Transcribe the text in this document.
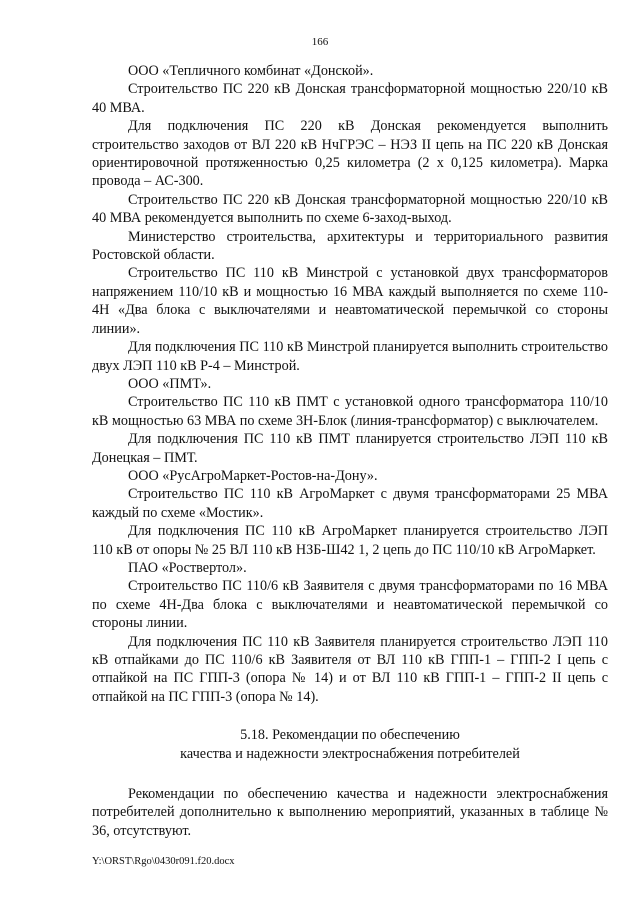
166

ООО «Тепличного комбинат «Донской».

Строительство ПС 220 кВ Донская трансформаторной мощностью 220/10 кВ 40 МВА.

Для подключения ПС 220 кВ Донская рекомендуется выполнить строительство заходов от ВЛ 220 кВ НчГРЭС – НЭЗ II цепь на ПС 220 кВ Донская ориентировочной протяженностью 0,25 километра (2 х 0,125 километра). Марка провода – АС-300.

Строительство ПС 220 кВ Донская трансформаторной мощностью 220/10 кВ 40 МВА рекомендуется выполнить по схеме 6-заход-выход.

Министерство строительства, архитектуры и территориального развития Ростовской области.

Строительство ПС 110 кВ Минстрой с установкой двух трансформаторов напряжением 110/10 кВ и мощностью 16 МВА каждый выполняется по схеме 110-4Н «Два блока с выключателями и неавтоматической перемычкой со стороны линии».

Для подключения ПС 110 кВ Минстрой планируется выполнить строительство двух ЛЭП 110 кВ Р-4 – Минстрой.

ООО «ПМТ».

Строительство ПС 110 кВ ПМТ с установкой одного трансформатора 110/10 кВ мощностью 63 МВА по схеме 3Н-Блок (линия-трансформатор) с выключателем.

Для подключения ПС 110 кВ ПМТ планируется строительство ЛЭП 110 кВ Донецкая – ПМТ.

ООО «РусАгроМаркет-Ростов-на-Дону».

Строительство ПС 110 кВ АгроМаркет с двумя трансформаторами 25 МВА каждый по схеме «Мостик».

Для подключения ПС 110 кВ АгроМаркет планируется строительство ЛЭП 110 кВ от опоры № 25 ВЛ 110 кВ НЗБ-Ш42 1, 2 цепь до ПС 110/10 кВ АгроМаркет.

ПАО «Роствертол».

Строительство ПС 110/6 кВ Заявителя с двумя трансформаторами по 16 МВА по схеме 4Н-Два блока с выключателями и неавтоматической перемычкой со стороны линии.

Для подключения ПС 110 кВ Заявителя планируется строительство ЛЭП 110 кВ отпайками до ПС 110/6 кВ Заявителя от ВЛ 110 кВ ГПП-1 – ГПП-2 I цепь с отпайкой на ПС ГПП-3 (опора № 14) и от ВЛ 110 кВ ГПП-1 – ГПП-2 II цепь с отпайкой на ПС ГПП-3 (опора № 14).

5.18. Рекомендации по обеспечению
качества и надежности электроснабжения потребителей

Рекомендации по обеспечению качества и надежности электроснабжения потребителей дополнительно к выполнению мероприятий, указанных в таблице № 36, отсутствуют.

Y:\ORST\Rgo\0430r091.f20.docx
